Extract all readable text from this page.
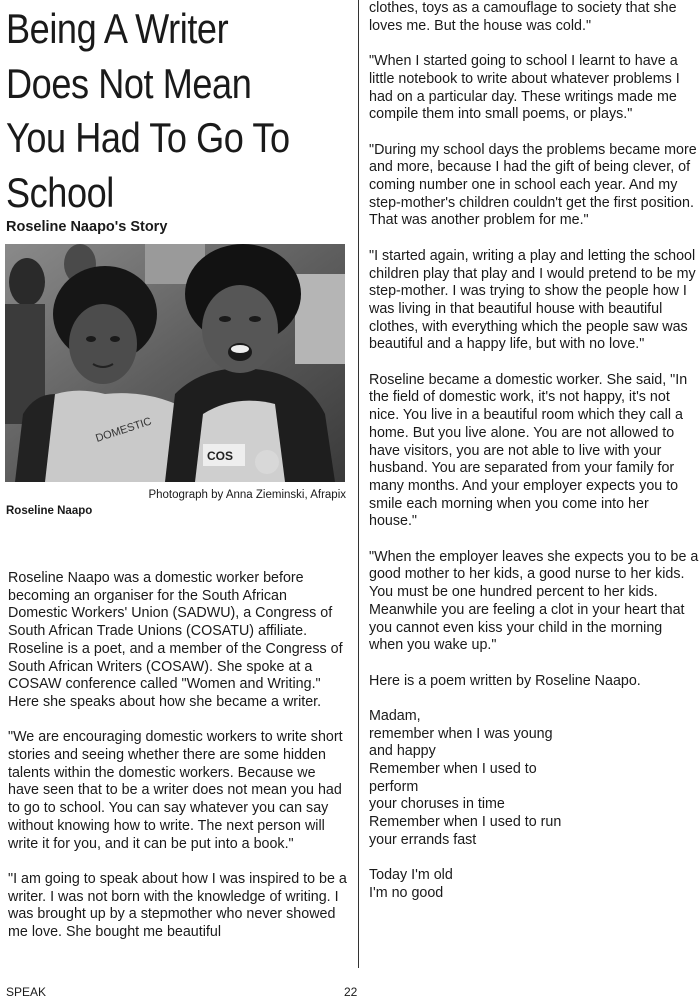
Being A Writer
Does Not Mean
You Had To Go To
School
Roseline Naapo's Story
DOMESTIC
COS
Photograph by Anna Zieminski, Afrapix
Roseline Naapo

Roseline Naapo was a domestic worker before becoming an organiser for the South African Domestic Workers' Union (SADWU), a Congress of South African Trade Unions (COSATU) affiliate. Roseline is a poet, and a member of the Congress of South African Writers (COSAW). She spoke at a COSAW conference called "Women and Writing." Here she speaks about how she became a writer.

"We are encouraging domestic workers to write short stories and seeing whether there are some hidden talents within the domestic workers. Because we have seen that to be a writer does not mean you had to go to school. You can say whatever you can say without knowing how to write. The next person will write it for you, and it can be put into a book."

"I am going to speak about how I was inspired to be a writer. I was not born with the knowledge of writing. I was brought up by a stepmother who never showed me love. She bought me beautiful

clothes, toys as a camouflage to society that she loves me. But the house was cold."

"When I started going to school I learnt to have a little notebook to write about whatever problems I had on a particular day. These writings made me compile them into small poems, or plays."

"During my school days the problems became more and more, because I had the gift of being clever, of coming number one in school each year. And my step-mother's children couldn't get the first position. That was another problem for me."

"I started again, writing a play and letting the school children play that play and I would pretend to be my step-mother. I was trying to show the people how I was living in that beautiful house with beautiful clothes, with everything which the people saw was beautiful and a happy life, but with no love."

Roseline became a domestic worker. She said, "In the field of domestic work, it's not happy, it's not nice. You live in a beautiful room which they call a home. But you live alone. You are not allowed to have visitors, you are not able to live with your husband. You are separated from your family for many months. And your employer expects you to smile each morning when you come into her house."

"When the employer leaves she expects you to be a good mother to her kids, a good nurse to her kids. You must be one hundred percent to her kids. Meanwhile you are feeling a clot in your heart that you cannot even kiss your child in the morning when you wake up."

Here is a poem written by Roseline Naapo.

Madam,
remember when I was young
and happy
Remember when I used to
perform
your choruses in time
Remember when I used to run
your errands fast
Today I'm old
I'm no good
SPEAK	22
